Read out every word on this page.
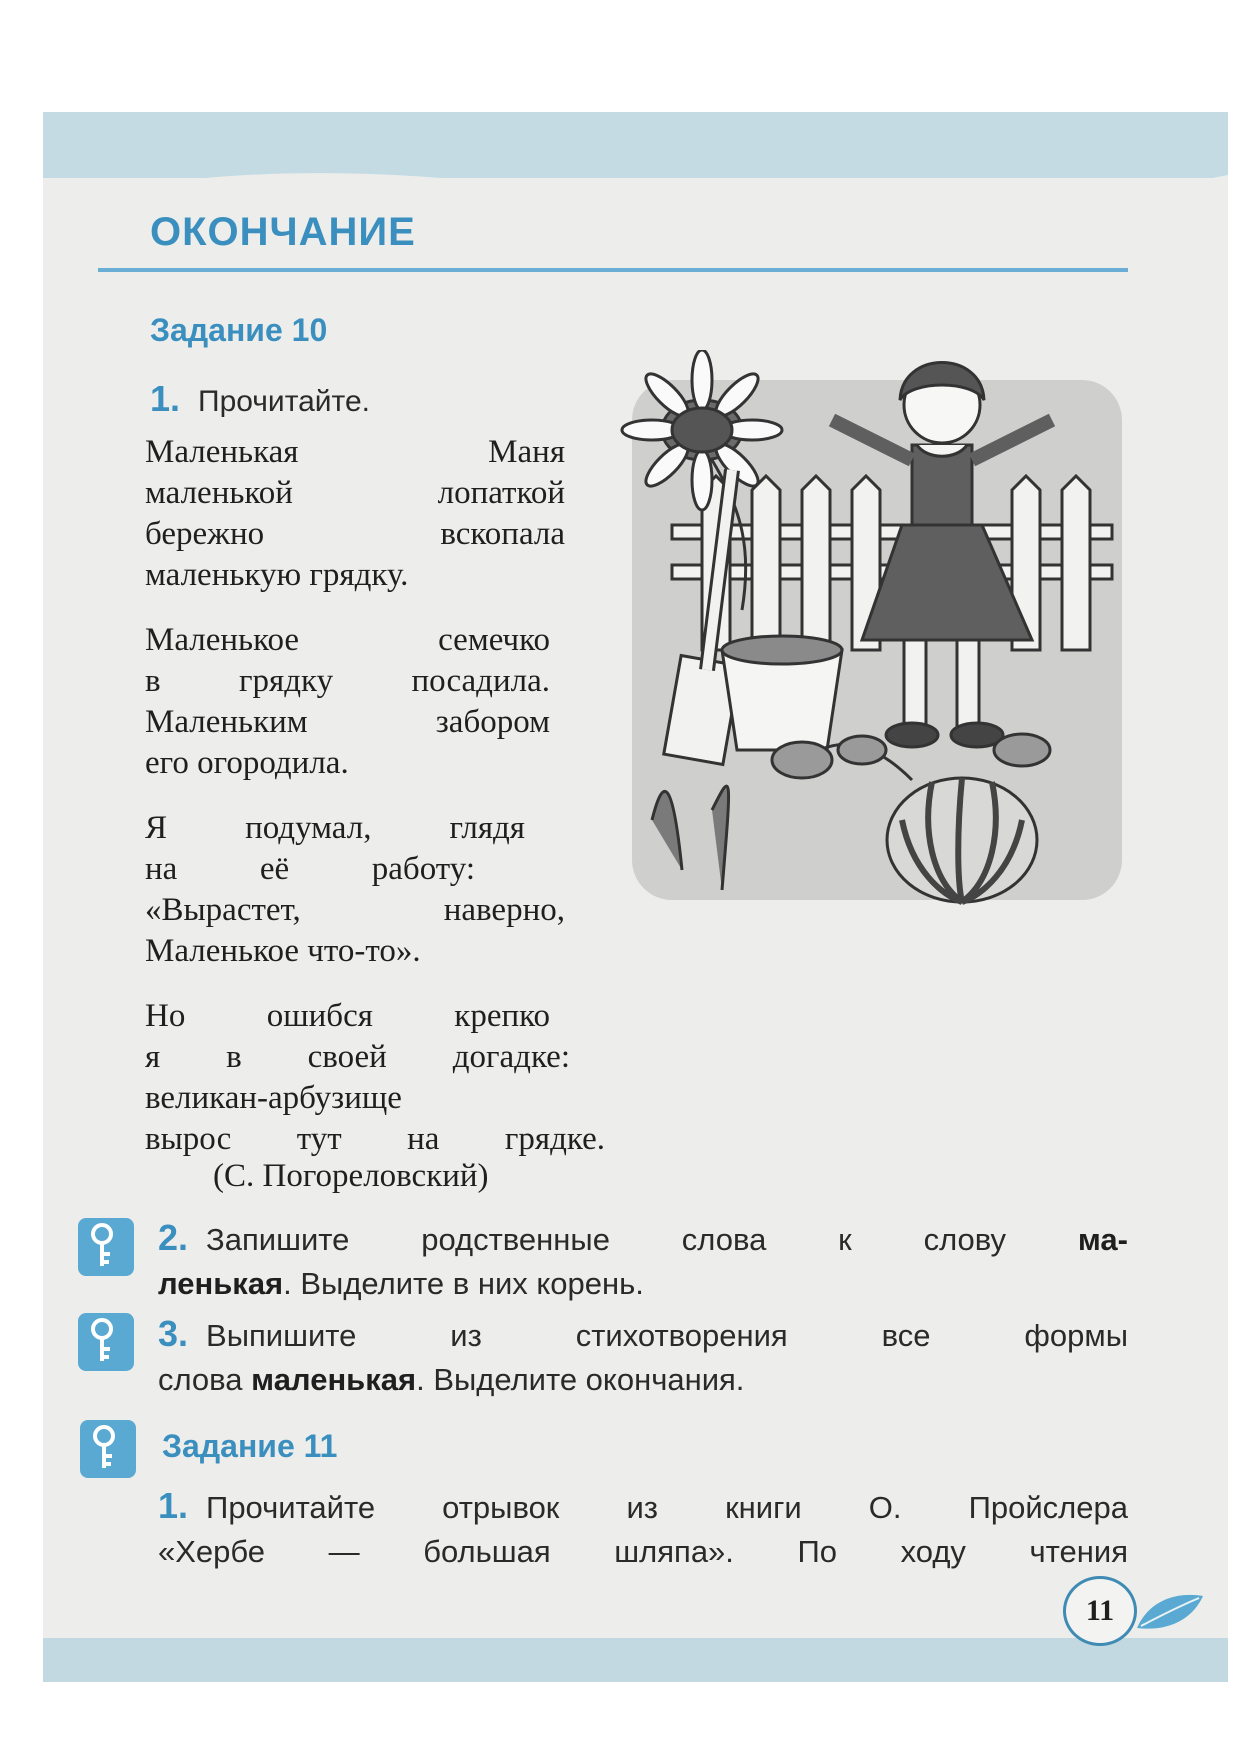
ОКОНЧАНИЕ
Задание 10
1. Прочитайте.
Маленькая Маня
маленькой лопаткой
бережно вскопала
маленькую грядку.
Маленькое семечко
в грядку посадила.
Маленьким забором
его огородила.
Я подумал, глядя
на её работу:
«Вырастет, наверно,
Маленькое что-то».
Но ошибся крепко
я в своей догадке:
великан-арбузище
вырос тут на грядке.
(С. Погореловский)
2. Запишите родственные слова к слову ма-
ленькая. Выделите в них корень.
3. Выпишите из стихотворения все формы
слова маленькая. Выделите окончания.
Задание 11
1. Прочитайте отрывок из книги О. Пройслера
«Хербе — большая шляпа». По ходу чтения
11
